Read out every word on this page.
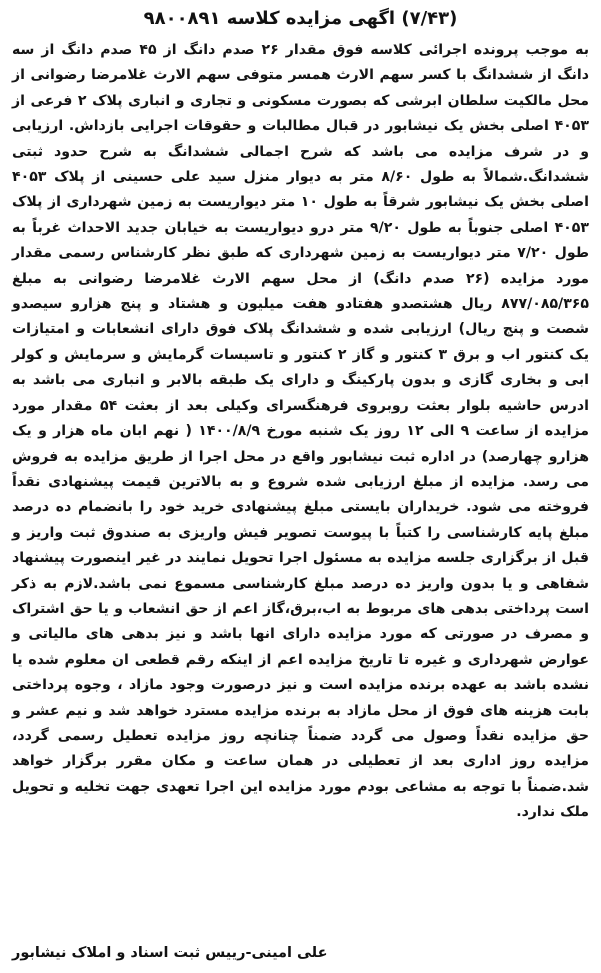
(۷/۴۳) اگهی مزایده کلاسه ۹۸۰۰۸۹۱

به موجب پرونده اجرائی کلاسه فوق مقدار ۲۶ صدم دانگ از ۴۵ صدم دانگ از سه دانگ از ششدانگ با کسر سهم الارث همسر متوفی سهم الارث غلامرضا رضوانی از محل مالکیت سلطان ابرشی که بصورت مسکونی و تجاری و انباری پلاک ۲ فرعی از ۴۰۵۳ اصلی بخش یک نیشابور در قبال مطالبات و حقوقات اجرایی بازداش. ارزیابی و در شرف مزایده می باشد که شرح اجمالی ششدانگ به شرح حدود ثبتی ششدانگ.شمالاً به طول ۸/۶۰ متر به دیوار منزل سید علی حسینی از پلاک ۴۰۵۳ اصلی بخش یک نیشابور شرقاً به طول ۱۰ متر دیواریست به زمین شهرداری از پلاک ۴۰۵۳ اصلی جنوباً به طول ۹/۲۰ متر درو دیواریست به خیابان جدید الاحداث غرباً به طول ۷/۲۰ متر دیواریست به زمین شهرداری که طبق نظر کارشناس رسمی مقدار مورد مزایده (۲۶ صدم دانگ) از محل سهم الارث غلامرضا رضوانی به مبلغ ۸۷۷/۰۸۵/۳۶۵ ریال هشتصدو هفتادو هفت میلیون و هشتاد و پنج هزارو سیصدو شصت و پنج ریال) ارزیابی شده و ششدانگ پلاک فوق دارای انشعابات و امتیازات یک کنتور اب و برق ۳ کنتور و گاز ۲ کنتور و تاسیسات گرمایش و سرمایش و کولر ابی و بخاری گازی و بدون پارکینگ و دارای یک طبقه بالابر و انباری می باشد به ادرس حاشیه بلوار بعثت روبروی فرهنگسرای وکیلی بعد از بعثت ۵۴ مقدار مورد مزایده از ساعت ۹ الی ۱۲ روز یک شنبه مورخ ۱۴۰۰/۸/۹ ( نهم ابان ماه هزار و یک هزارو چهارصد) در اداره ثبت نیشابور واقع در محل اجرا از طریق مزایده به فروش می رسد. مزایده از مبلغ ارزیابی شده شروع و به بالاترین قیمت پیشنهادی نقداً فروخته می شود. خریداران بایستی مبلغ پیشنهادی خرید خود را بانضمام ده درصد مبلغ پایه کارشناسی را کتباً با پیوست تصویر فیش واریزی به صندوق ثبت واریز و قبل از برگزاری جلسه مزایده به مسئول اجرا تحویل نمایند در غیر اینصورت پیشنهاد شفاهی و یا بدون واریز ده درصد مبلغ کارشناسی مسموع نمی باشد.لازم به ذکر است پرداختی بدهی های مربوط به اب،برق،گاز اعم از حق انشعاب و یا حق اشتراک و مصرف در صورتی که مورد مزایده دارای انها باشد و نیز بدهی های مالیاتی و عوارض شهرداری و غیره تا تاریخ مزایده اعم از اینکه رقم قطعی ان معلوم شده یا نشده باشد به عهده برنده مزایده است و نیز درصورت وجود مازاد ، وجوه پرداختی بابت هزینه های فوق از محل مازاد به برنده مزایده مسترد خواهد شد و نیم عشر و حق مزایده نقداً وصول می گردد ضمناً چنانچه روز مزایده تعطیل رسمی گردد، مزایده روز اداری بعد از تعطیلی در همان ساعت و مکان مقرر برگزار خواهد شد.ضمناً با توجه به مشاعی بودم مورد مزایده این اجرا تعهدی جهت تخلیه و تحویل ملک ندارد.

علی امینی-رییس ثبت اسناد و املاک نیشابور
